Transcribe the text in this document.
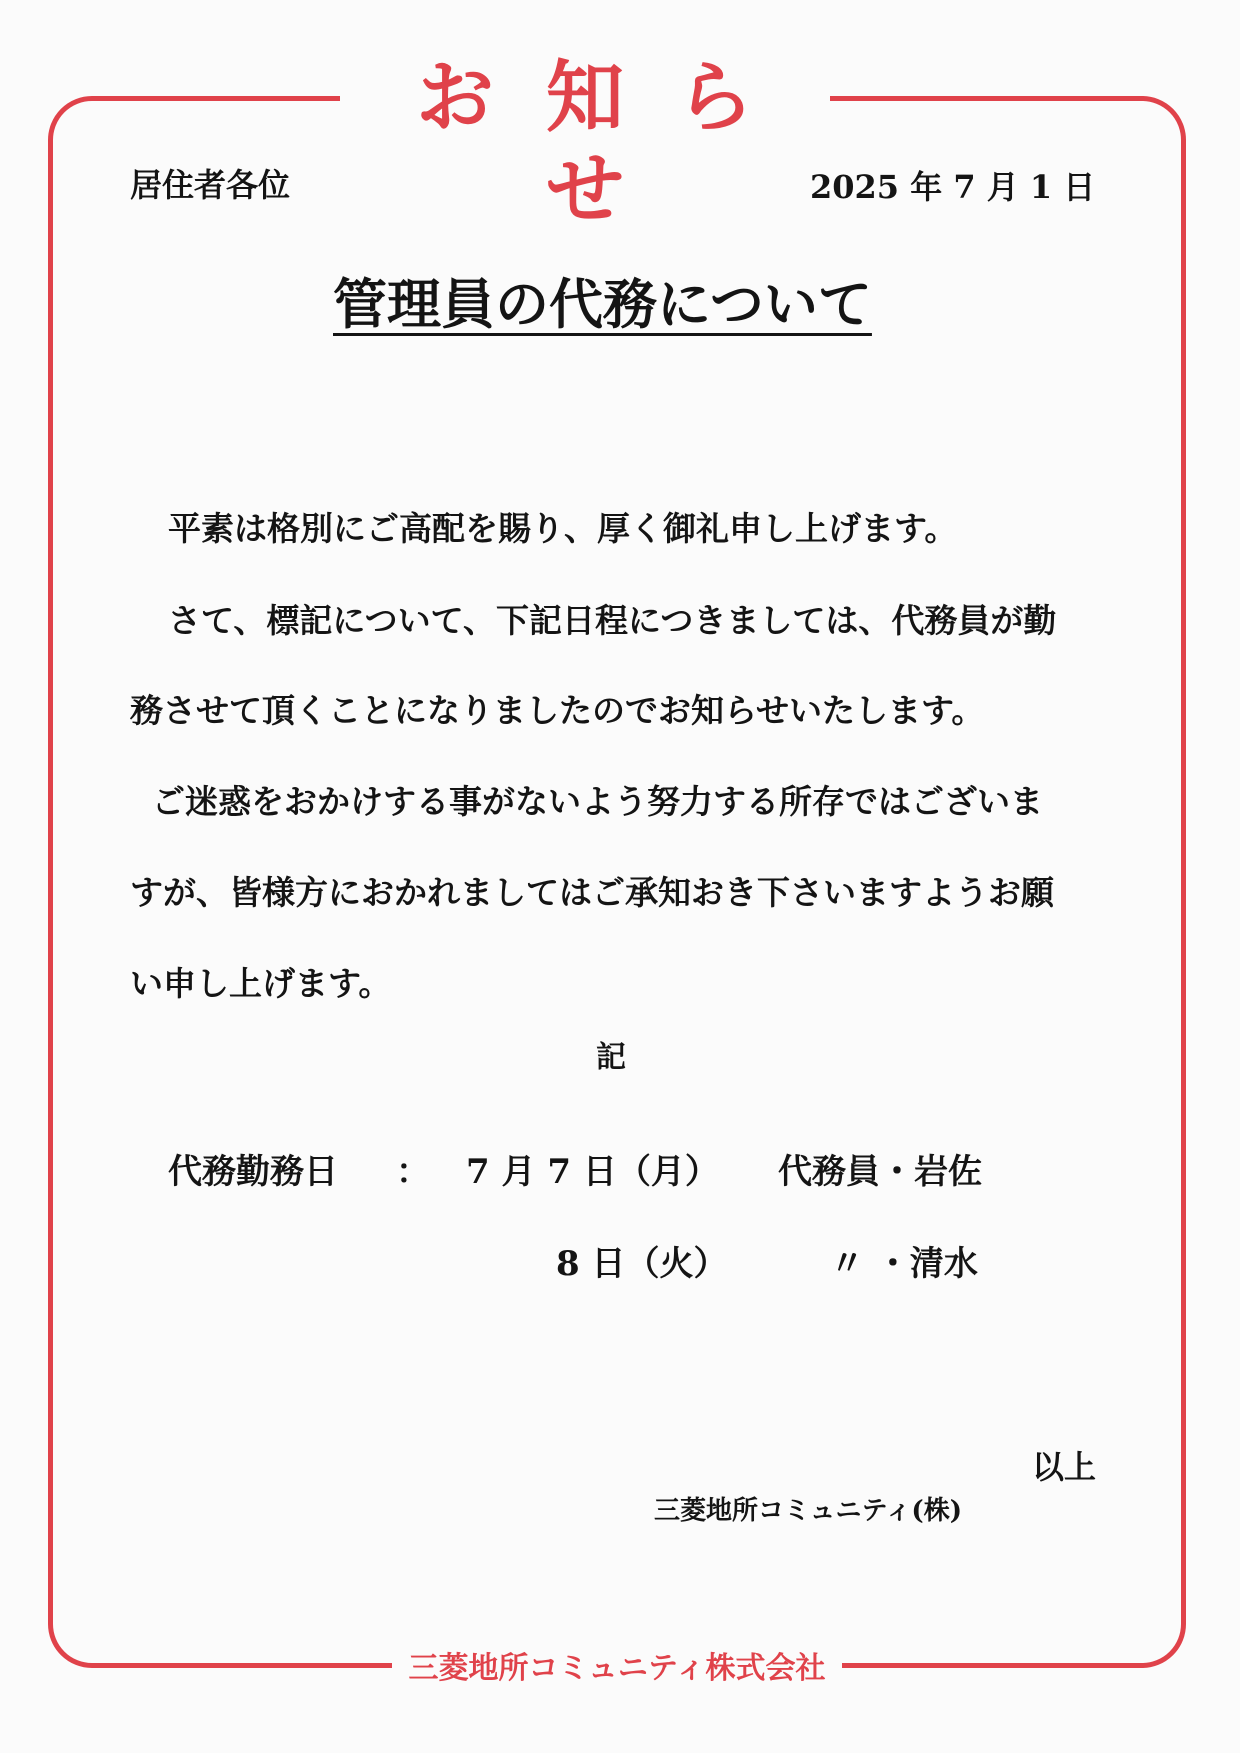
お知らせ
三菱地所コミュニティ株式会社
居住者各位	2025 年 7 月 1 日
管理員の代務について
平素は格別にご高配を賜り、厚く御礼申し上げます。
さて、標記について、下記日程につきましては、代務員が勤
務させて頂くことになりましたのでお知らせいたします。
ご迷惑をおかけする事がないよう努力する所存ではございま
すが、皆様方におかれましてはご承知おき下さいますようお願
い申し上げます。
記
代務勤務日 ： 7 月 7 日（月） 代務員・岩佐
8 日（火）	〃 ・清水
以上
三菱地所コミュニティ(株)
